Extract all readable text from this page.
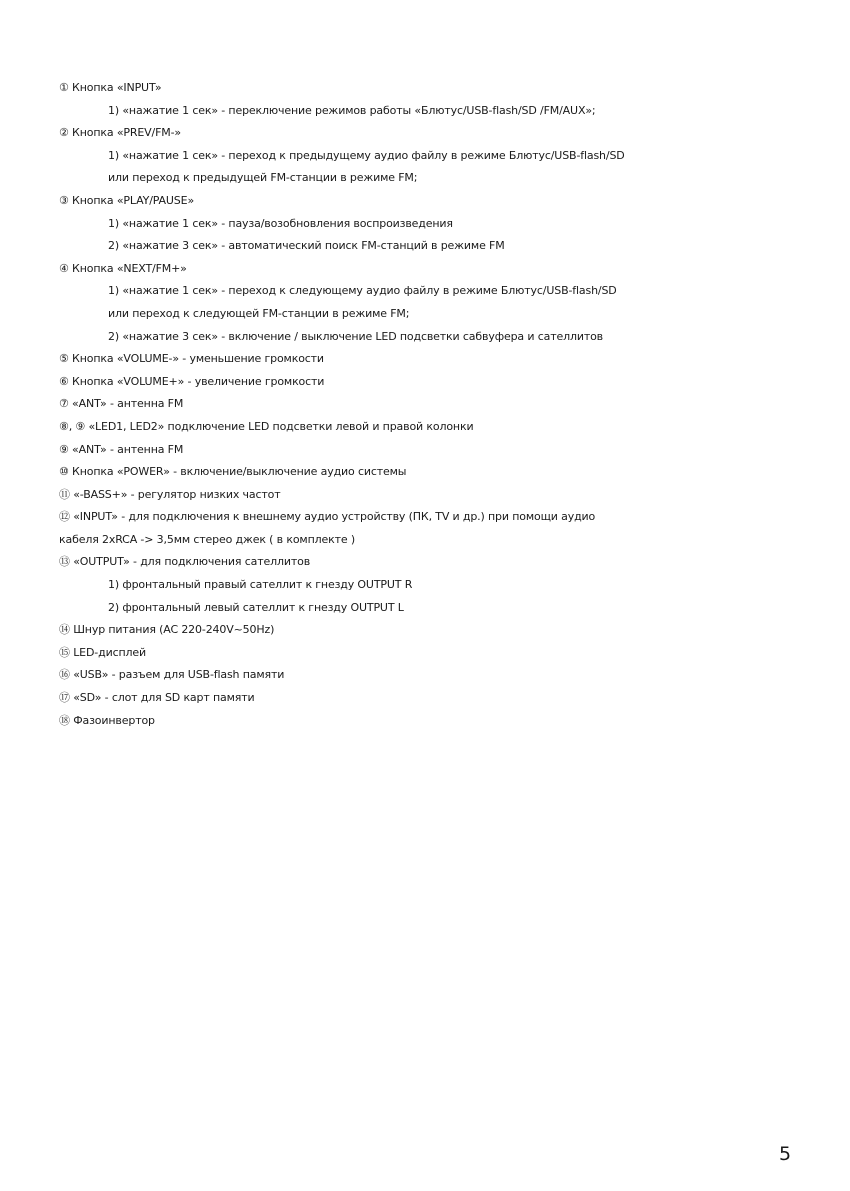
① Кнопка «INPUT»
1) «нажатие 1 сек» - переключение режимов работы «Блютус/USB-flash/SD /FM/AUX»;
② Кнопка «PREV/FM-»
1) «нажатие 1 сек» - переход к предыдущему аудио файлу в режиме Блютус/USB-flash/SD
или переход к предыдущей FM-станции в режиме FM;
③ Кнопка «PLAY/PAUSE»
1) «нажатие 1 сек» - пауза/возобновления воспроизведения
2) «нажатие 3 сек» - автоматический поиск FM-станций в режиме FM
④ Кнопка «NEXT/FM+»
1) «нажатие 1 сек» - переход к следующему аудио файлу в режиме Блютус/USB-flash/SD
или переход к следующей FM-станции в режиме FM;
2) «нажатие 3 сек» - включение / выключение LED подсветки сабвуфера и сателлитов
⑤ Кнопка «VOLUME-» - уменьшение громкости
⑥ Кнопка «VOLUME+» - увеличение громкости
⑦ «ANT» - антенна FM
⑧, ⑨ «LED1, LED2» подключение LED подсветки левой и правой колонки
⑨ «ANT» - антенна FM
⑩ Кнопка «POWER» - включение/выключение аудио системы
⑪ «-BASS+» - регулятор низких частот
⑫ «INPUT» - для подключения к внешнему аудио устройству (ПК, TV и др.) при помощи аудио
кабеля 2xRCA -> 3,5мм стерео джек ( в комплекте )
⑬ «OUTPUT» - для подключения сателлитов
1) фронтальный правый сателлит к гнезду OUTPUT R
2) фронтальный левый сателлит к гнезду OUTPUT L
⑭ Шнур питания (AC 220-240V~50Hz)
⑮ LED-дисплей
⑯ «USB» - разъем для USB-flash памяти
⑰ «SD» - слот для SD карт памяти
⑱ Фазоинвертор
5
